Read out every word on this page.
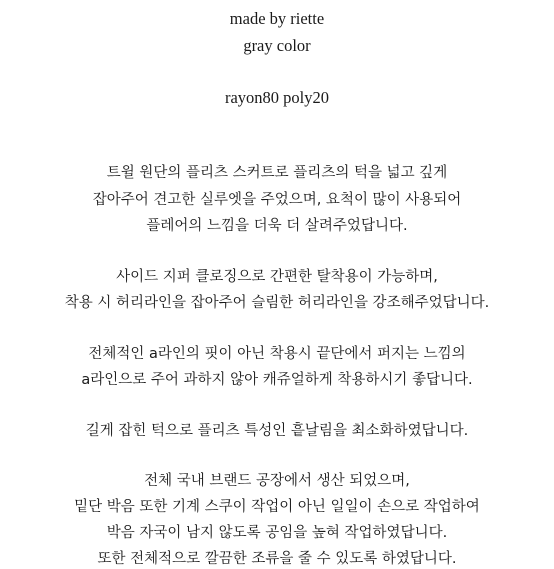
made by riette
gray color
rayon80 poly20
트윌 원단의 플리츠 스커트로 플리츠의 턱을 넓고 깊게
잡아주어 견고한 실루엣을 주었으며, 요척이 많이 사용되어
플레어의 느낌을 더욱 더 살려주었답니다.
사이드 지퍼 클로징으로 간편한 탈착용이 가능하며,
착용 시 허리라인을 잡아주어 슬림한 허리라인을 강조해주었답니다.
전체적인 a라인의 핏이 아닌 착용시 끝단에서 퍼지는 느낌의
a라인으로 주어 과하지 않아 캐쥬얼하게 착용하시기 좋답니다.
길게 잡힌 턱으로 플리츠 특성인 흩날림을 최소화하였답니다.
전체 국내 브랜드 공장에서 생산 되었으며,
밑단 박음 또한 기계 스쿠이 작업이 아닌 일일이 손으로 작업하여
박음 자국이 남지 않도록 공임을 높혀 작업하였답니다.
또한 전체적으로 깔끔한 조류을 줄 수 있도록 하였답니다.
